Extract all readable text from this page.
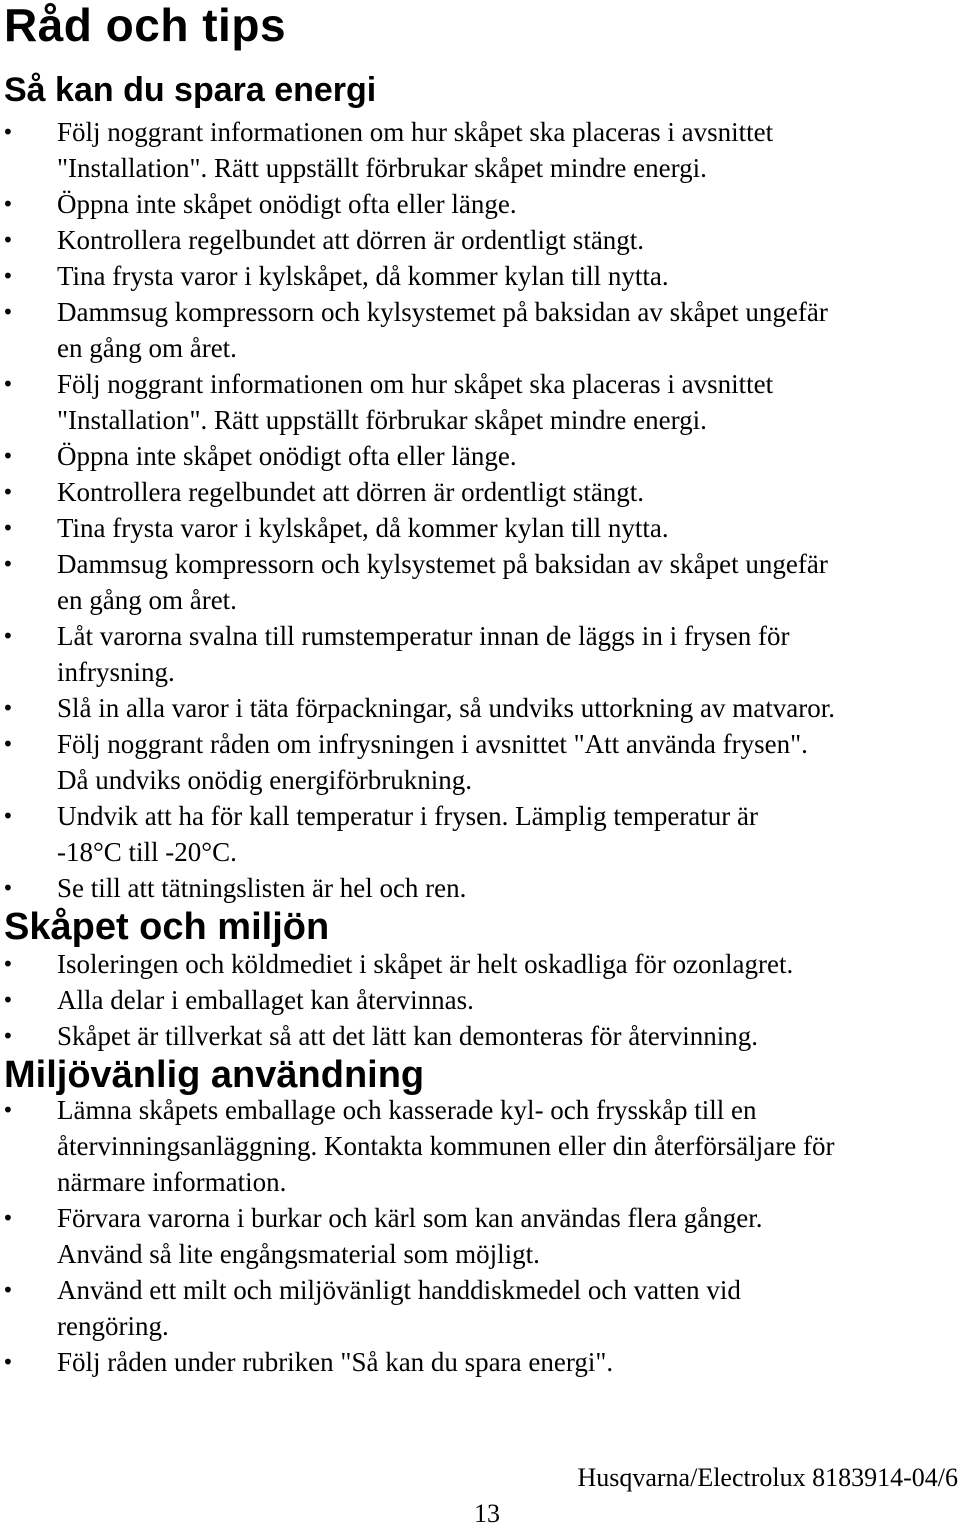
Råd och tips
Så kan du spara energi
• Följ noggrant informationen om hur skåpet ska placeras i avsnittet
"Installation". Rätt uppställt förbrukar skåpet mindre energi.
• Öppna inte skåpet onödigt ofta eller länge.
• Kontrollera regelbundet att dörren är ordentligt stängt.
• Tina frysta varor i kylskåpet, då kommer kylan till nytta.
• Dammsug kompressorn och kylsystemet på baksidan av skåpet ungefär
en gång om året.
• Följ noggrant informationen om hur skåpet ska placeras i avsnittet
"Installation". Rätt uppställt förbrukar skåpet mindre energi.
• Öppna inte skåpet onödigt ofta eller länge.
• Kontrollera regelbundet att dörren är ordentligt stängt.
• Tina frysta varor i kylskåpet, då kommer kylan till nytta.
• Dammsug kompressorn och kylsystemet på baksidan av skåpet ungefär
en gång om året.
• Låt varorna svalna till rumstemperatur innan de läggs in i frysen för
infrysning.
• Slå in alla varor i täta förpackningar, så undviks uttorkning av matvaror.
• Följ noggrant råden om infrysningen i avsnittet "Att använda frysen".
Då undviks onödig energiförbrukning.
• Undvik att ha för kall temperatur i frysen. Lämplig temperatur är
-18°C till -20°C.
• Se till att tätningslisten är hel och ren.
Skåpet och miljön
• Isoleringen och köldmediet i skåpet är helt oskadliga för ozonlagret.
• Alla delar i emballaget kan återvinnas.
• Skåpet är tillverkat så att det lätt kan demonteras för återvinning.
Miljövänlig användning
• Lämna skåpets emballage och kasserade kyl- och frysskåp till en
återvinningsanläggning. Kontakta kommunen eller din återförsäljare för
närmare information.
• Förvara varorna i burkar och kärl som kan användas flera gånger.
Använd så lite engångsmaterial som möjligt.
• Använd ett milt och miljövänligt handdiskmedel och vatten vid
rengöring.
• Följ råden under rubriken "Så kan du spara energi".
Husqvarna/Electrolux 8183914-04/6
13
